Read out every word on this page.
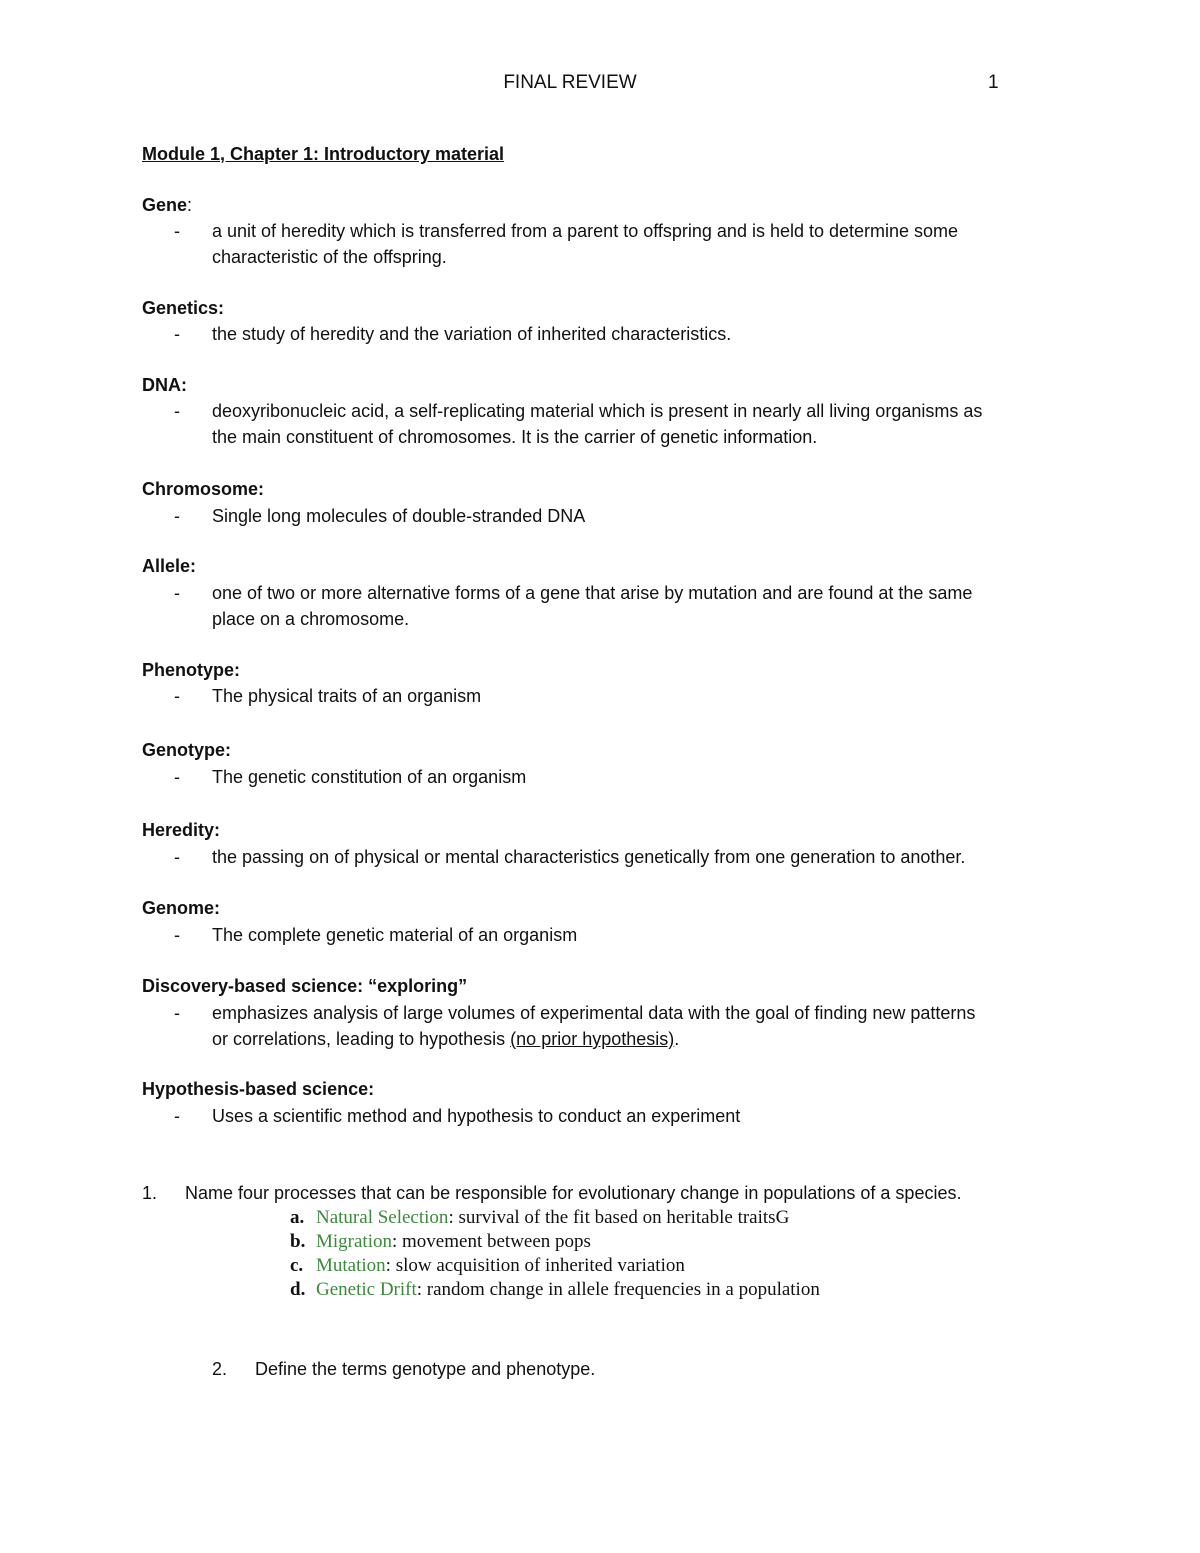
FINAL REVIEW	1
Module 1, Chapter 1: Introductory material
Gene:
- a unit of heredity which is transferred from a parent to offspring and is held to determine some
characteristic of the offspring.
Genetics:
- the study of heredity and the variation of inherited characteristics.
DNA:
- deoxyribonucleic acid, a self-replicating material which is present in nearly all living organisms as
the main constituent of chromosomes. It is the carrier of genetic information.
Chromosome:
- Single long molecules of double-stranded DNA
Allele:
- one of two or more alternative forms of a gene that arise by mutation and are found at the same
place on a chromosome.
Phenotype:
- The physical traits of an organism
Genotype:
- The genetic constitution of an organism
Heredity:
- the passing on of physical or mental characteristics genetically from one generation to another.
Genome:
- The complete genetic material of an organism
Discovery-based science: “exploring”
- emphasizes analysis of large volumes of experimental data with the goal of finding new patterns
or correlations, leading to hypothesis (no prior hypothesis).
Hypothesis-based science:
- Uses a scientific method and hypothesis to conduct an experiment
1. Name four processes that can be responsible for evolutionary change in populations of a species.
a. Natural Selection: survival of the fit based on heritable traitsG
b. Migration: movement between pops
c. Mutation: slow acquisition of inherited variation
d. Genetic Drift: random change in allele frequencies in a population
2. Define the terms genotype and phenotype.
